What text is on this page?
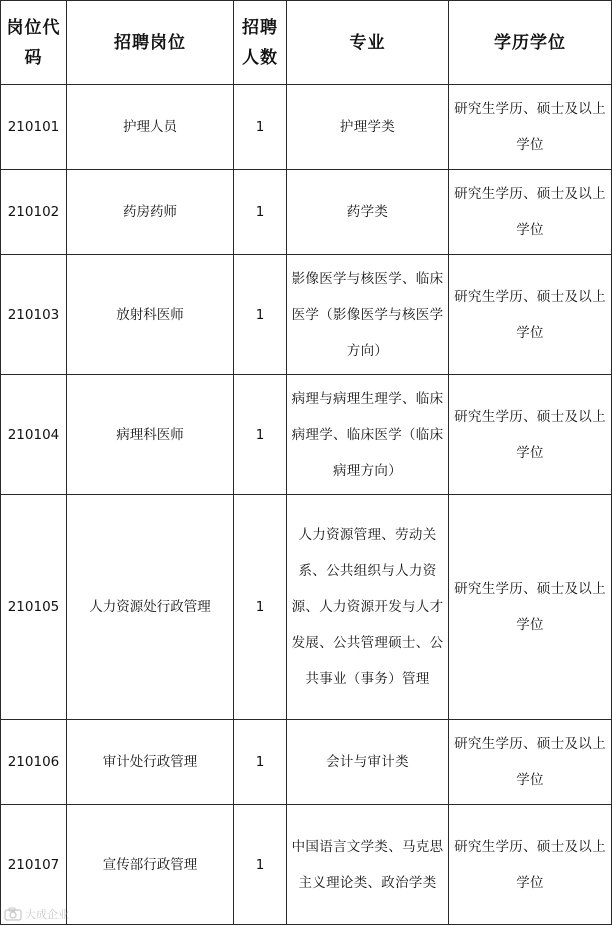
岗位代码	招聘岗位	招聘人数	专业	学历学位

210101	护理人员	1	护理学类	研究生学历、硕士及以上学位
210102	药房药师	1	药学类	研究生学历、硕士及以上学位
210103	放射科医师	1	影像医学与核医学、临床医学（影像医学与核医学方向）	研究生学历、硕士及以上学位
210104	病理科医师	1	病理与病理生理学、临床病理学、临床医学（临床病理方向）	研究生学历、硕士及以上学位
210105	人力资源处行政管理	1	人力资源管理、劳动关系、公共组织与人力资源、人力资源开发与人才发展、公共管理硕士、公共事业（事务）管理	研究生学历、硕士及以上学位
210106	审计处行政管理	1	会计与审计类	研究生学历、硕士及以上学位
210107	宣传部行政管理	1	中国语言文学类、马克思主义理论类、政治学类	研究生学历、硕士及以上学位
大成企业
